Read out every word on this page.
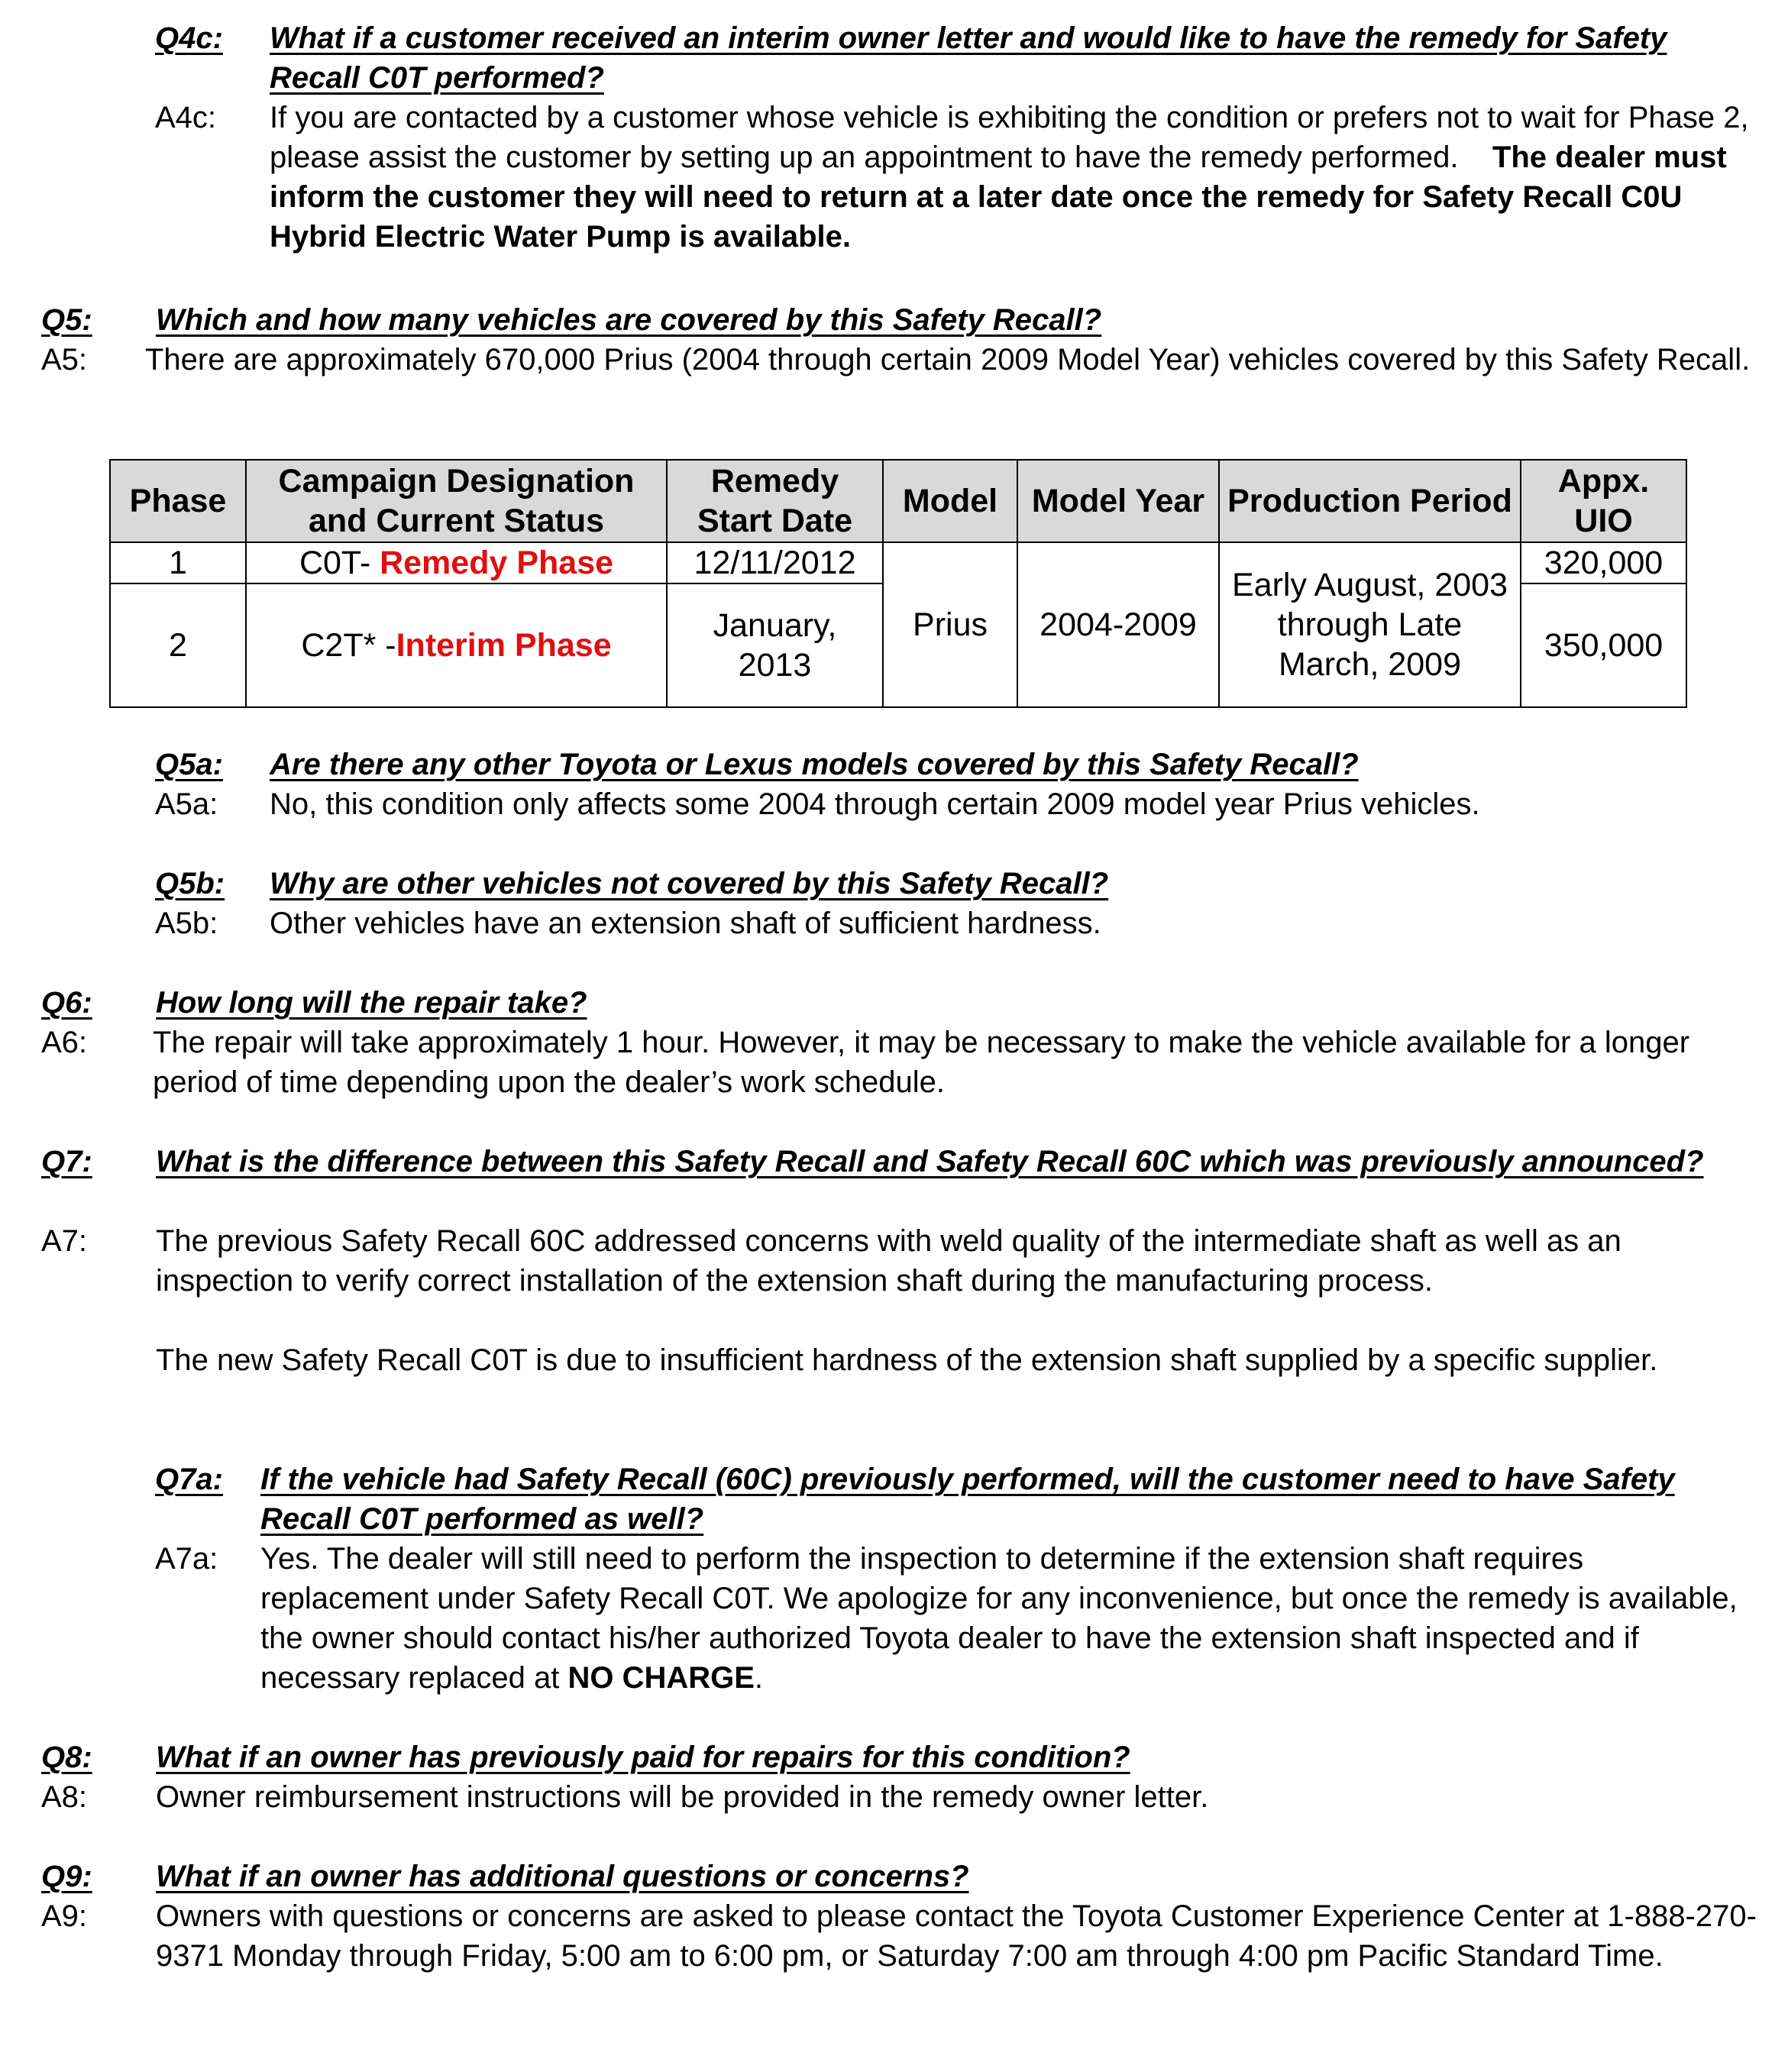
Q4c: What if a customer received an interim owner letter and would like to have the remedy for Safety Recall C0T performed?
A4c: If you are contacted by a customer whose vehicle is exhibiting the condition or prefers not to wait for Phase 2, please assist the customer by setting up an appointment to have the remedy performed. The dealer must inform the customer they will need to return at a later date once the remedy for Safety Recall C0U Hybrid Electric Water Pump is available.
Q5: Which and how many vehicles are covered by this Safety Recall?
A5: There are approximately 670,000 Prius (2004 through certain 2009 Model Year) vehicles covered by this Safety Recall.
Phase	Campaign Designation and Current Status	Remedy Start Date	Model	Model Year	Production Period	Appx. UIO
1	C0T- Remedy Phase	12/11/2012	Prius	2004-2009	Early August, 2003 through Late March, 2009	320,000
2	C2T* -Interim Phase	January, 2013				350,000
Q5a: Are there any other Toyota or Lexus models covered by this Safety Recall?
A5a: No, this condition only affects some 2004 through certain 2009 model year Prius vehicles.
Q5b: Why are other vehicles not covered by this Safety Recall?
A5b: Other vehicles have an extension shaft of sufficient hardness.
Q6: How long will the repair take?
A6: The repair will take approximately 1 hour. However, it may be necessary to make the vehicle available for a longer period of time depending upon the dealer’s work schedule.
Q7: What is the difference between this Safety Recall and Safety Recall 60C which was previously announced?
A7: The previous Safety Recall 60C addressed concerns with weld quality of the intermediate shaft as well as an inspection to verify correct installation of the extension shaft during the manufacturing process.
The new Safety Recall C0T is due to insufficient hardness of the extension shaft supplied by a specific supplier.
Q7a: If the vehicle had Safety Recall (60C) previously performed, will the customer need to have Safety Recall C0T performed as well?
A7a: Yes. The dealer will still need to perform the inspection to determine if the extension shaft requires replacement under Safety Recall C0T. We apologize for any inconvenience, but once the remedy is available, the owner should contact his/her authorized Toyota dealer to have the extension shaft inspected and if necessary replaced at NO CHARGE.
Q8: What if an owner has previously paid for repairs for this condition?
A8: Owner reimbursement instructions will be provided in the remedy owner letter.
Q9: What if an owner has additional questions or concerns?
A9: Owners with questions or concerns are asked to please contact the Toyota Customer Experience Center at 1-888-270-9371 Monday through Friday, 5:00 am to 6:00 pm, or Saturday 7:00 am through 4:00 pm Pacific Standard Time.
